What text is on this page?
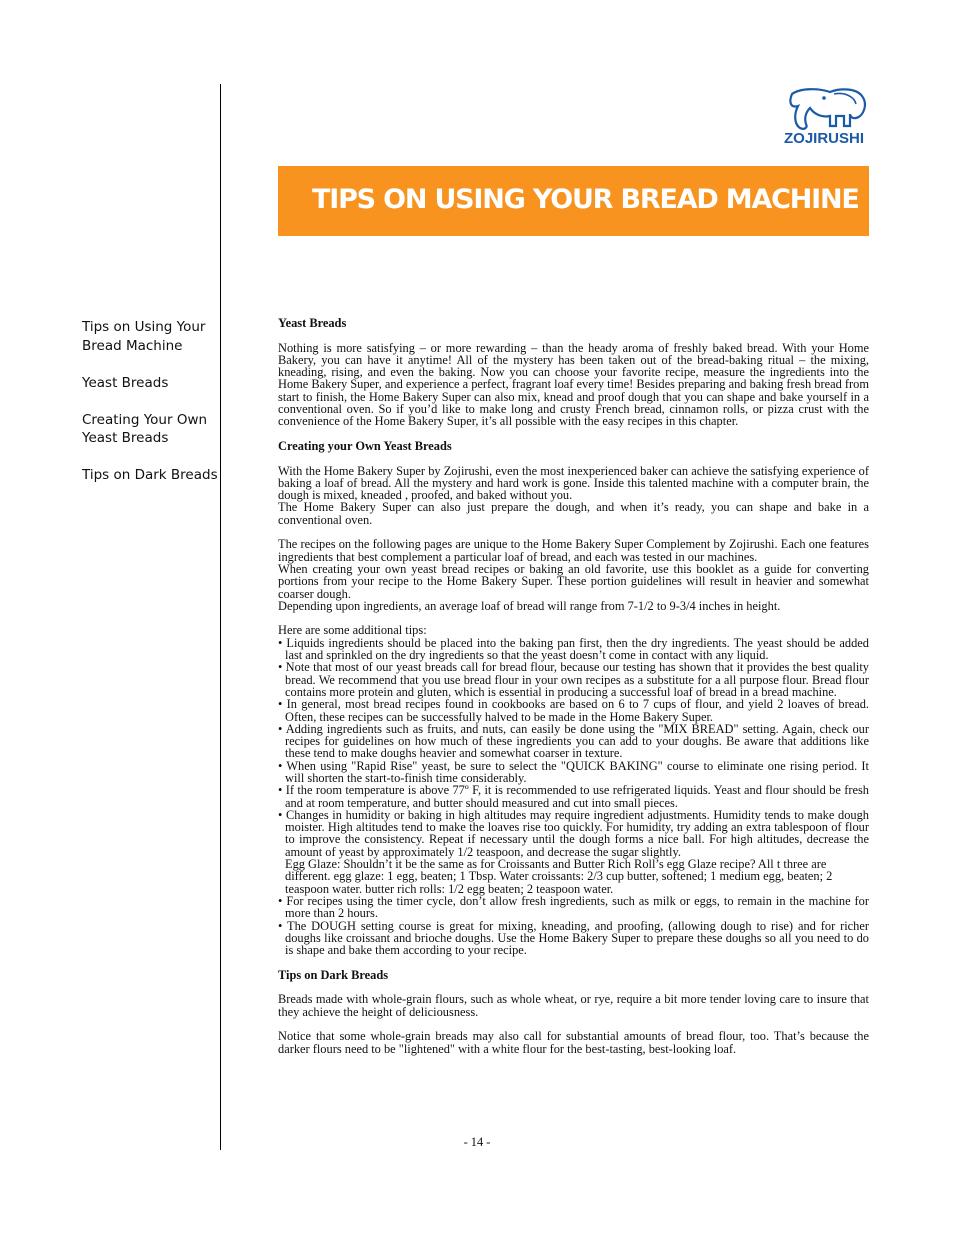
ZOJIRUSHI
TIPS ON USING YOUR BREAD MACHINE
Tips on Using Your Bread Machine
Yeast Breads
Creating Your Own Yeast Breads
Tips on Dark Breads
Yeast Breads

Nothing is more satisfying – or more rewarding – than the heady aroma of freshly baked bread. With your Home Bakery, you can have it anytime! All of the mystery has been taken out of the bread-baking ritual – the mixing, kneading, rising, and even the baking. Now you can choose your favorite recipe, measure the ingredients into the Home Bakery Super, and experience a perfect, fragrant loaf every time! Besides preparing and baking fresh bread from start to finish, the Home Bakery Super can also mix, knead and proof dough that you can shape and bake yourself in a conventional oven. So if you’d like to make long and crusty French bread, cinnamon rolls, or pizza crust with the convenience of the Home Bakery Super, it’s all possible with the easy recipes in this chapter.

Creating your Own Yeast Breads

With the Home Bakery Super by Zojirushi, even the most inexperienced baker can achieve the satisfying experience of baking a loaf of bread. All the mystery and hard work is gone. Inside this talented machine with a computer brain, the dough is mixed, kneaded , proofed, and baked without you.

The Home Bakery Super can also just prepare the dough, and when it’s ready, you can shape and bake in a conventional oven.

The recipes on the following pages are unique to the Home Bakery Super Complement by Zojirushi. Each one features ingredients that best complement a particular loaf of bread, and each was tested in our machines.

When creating your own yeast bread recipes or baking an old favorite, use this booklet as a guide for converting portions from your recipe to the Home Bakery Super. These portion guidelines will result in heavier and somewhat coarser dough.

Depending upon ingredients, an average loaf of bread will range from 7-1/2 to 9-3/4 inches in height.

Here are some additional tips:

• Liquids ingredients should be placed into the baking pan first, then the dry ingredients. The yeast should be added last and sprinkled on the dry ingredients so that the yeast doesn’t come in contact with any liquid.

• Note that most of our yeast breads call for bread flour, because our testing has shown that it provides the best quality bread. We recommend that you use bread flour in your own recipes as a substitute for a all purpose flour. Bread flour contains more protein and gluten, which is essential in producing a successful loaf of bread in a bread machine.

• In general, most bread recipes found in cookbooks are based on 6 to 7 cups of flour, and yield 2 loaves of bread. Often, these recipes can be successfully halved to be made in the Home Bakery Super.

• Adding ingredients such as fruits, and nuts, can easily be done using the "MIX BREAD" setting. Again, check our recipes for guidelines on how much of these ingredients you can add to your doughs. Be aware that additions like these tend to make doughs heavier and somewhat coarser in texture.

• When using "Rapid Rise" yeast, be sure to select the "QUICK BAKING" course to eliminate one rising period. It will shorten the start-to-finish time considerably.

• If the room temperature is above 77º F, it is recommended to use refrigerated liquids. Yeast and flour should be fresh and at room temperature, and butter should measured and cut into small pieces.

• Changes in humidity or baking in high altitudes may require ingredient adjustments. Humidity tends to make dough moister. High altitudes tend to make the loaves rise too quickly. For humidity, try adding an extra tablespoon of flour to improve the consistency. Repeat if necessary until the dough forms a nice ball. For high altitudes, decrease the amount of yeast by approximately 1/2 teaspoon, and decrease the sugar slightly.

Egg Glaze: Shouldn’t it be the same as for Croissants and Butter Rich Roll’s egg Glaze recipe? All t three are different. egg glaze: 1 egg, beaten; 1 Tbsp. Water croissants: 2/3 cup butter, softened; 1 medium egg, beaten; 2 teaspoon water. butter rich rolls: 1/2 egg beaten; 2 teaspoon water.

• For recipes using the timer cycle, don’t allow fresh ingredients, such as milk or eggs, to remain in the machine for more than 2 hours.

• The DOUGH setting course is great for mixing, kneading, and proofing, (allowing dough to rise) and for richer doughs like croissant and brioche doughs. Use the Home Bakery Super to prepare these doughs so all you need to do is shape and bake them according to your recipe.

Tips on Dark Breads

Breads made with whole-grain flours, such as whole wheat, or rye, require a bit more tender loving care to insure that they achieve the height of deliciousness.

Notice that some whole-grain breads may also call for substantial amounts of bread flour, too. That’s because the darker flours need to be "lightened" with a white flour for the best-tasting, best-looking loaf.

- 14 -
